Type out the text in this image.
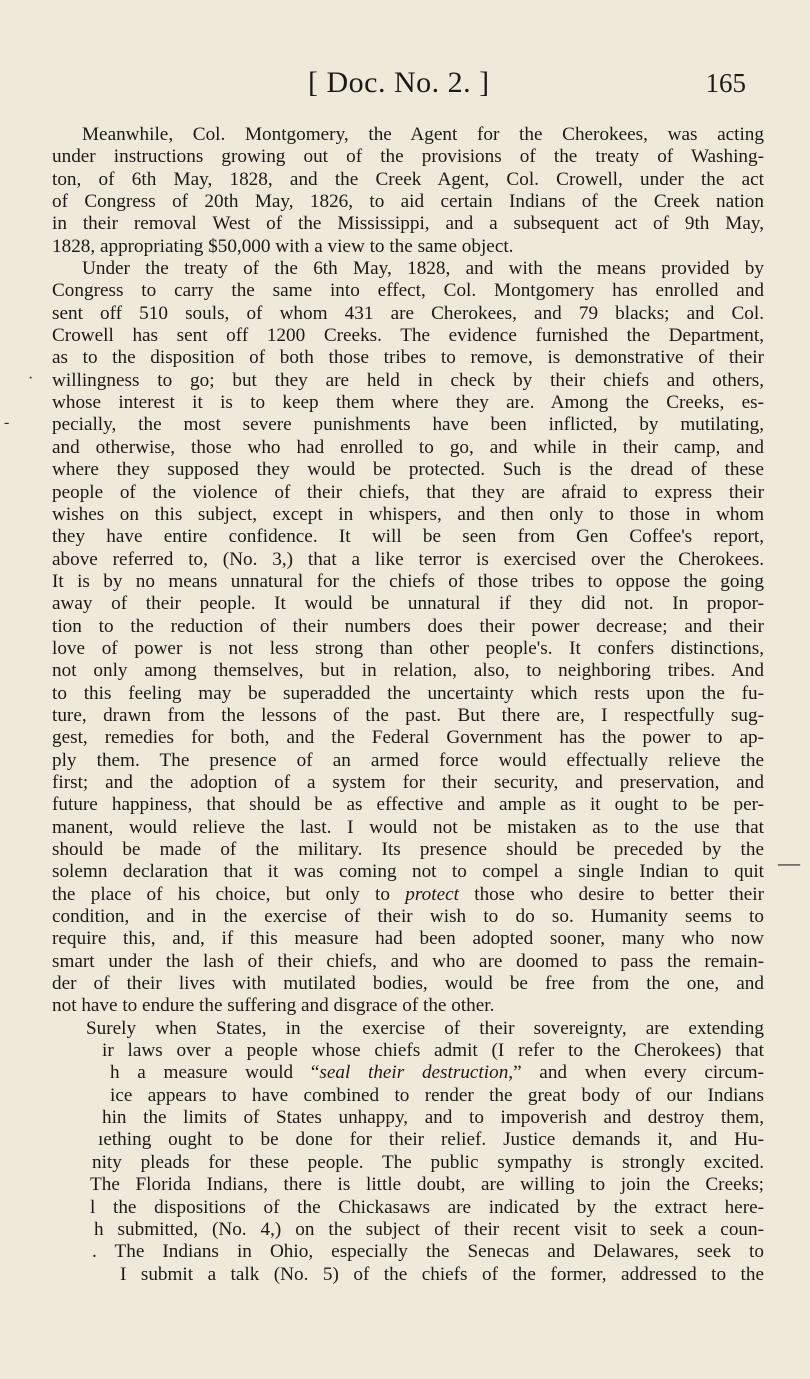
[ Doc. No. 2. ]	165
Meanwhile, Col. Montgomery, the Agent for the Cherokees, was acting
under instructions growing out of the provisions of the treaty of Washing-
ton, of 6th May, 1828, and the Creek Agent, Col. Crowell, under the act
of Congress of 20th May, 1826, to aid certain Indians of the Creek nation
in their removal West of the Mississippi, and a subsequent act of 9th May,
1828, appropriating $50,000 with a view to the same object.
Under the treaty of the 6th May, 1828, and with the means provided by
Congress to carry the same into effect, Col. Montgomery has enrolled and
sent off 510 souls, of whom 431 are Cherokees, and 79 blacks; and Col.
Crowell has sent off 1200 Creeks. The evidence furnished the Department,
as to the disposition of both those tribes to remove, is demonstrative of their
willingness to go; but they are held in check by their chiefs and others,
whose interest it is to keep them where they are. Among the Creeks, es-
pecially, the most severe punishments have been inflicted, by mutilating,
and otherwise, those who had enrolled to go, and while in their camp, and
where they supposed they would be protected. Such is the dread of these
people of the violence of their chiefs, that they are afraid to express their
wishes on this subject, except in whispers, and then only to those in whom
they have entire confidence. It will be seen from Gen Coffee's report,
above referred to, (No. 3,) that a like terror is exercised over the Cherokees.
It is by no means unnatural for the chiefs of those tribes to oppose the going
away of their people. It would be unnatural if they did not. In propor-
tion to the reduction of their numbers does their power decrease; and their
love of power is not less strong than other people's. It confers distinctions,
not only among themselves, but in relation, also, to neighboring tribes. And
to this feeling may be superadded the uncertainty which rests upon the fu-
ture, drawn from the lessons of the past. But there are, I respectfully sug-
gest, remedies for both, and the Federal Government has the power to ap-
ply them. The presence of an armed force would effectually relieve the
first; and the adoption of a system for their security, and preservation, and
future happiness, that should be as effective and ample as it ought to be per-
manent, would relieve the last. I would not be mistaken as to the use that
should be made of the military. Its presence should be preceded by the
solemn declaration that it was coming not to compel a single Indian to quit
the place of his choice, but only to protect those who desire to better their
condition, and in the exercise of their wish to do so. Humanity seems to
require this, and, if this measure had been adopted sooner, many who now
smart under the lash of their chiefs, and who are doomed to pass the remain-
der of their lives with mutilated bodies, would be free from the one, and
not have to endure the suffering and disgrace of the other.
Surely when States, in the exercise of their sovereignty, are extending
ir laws over a people whose chiefs admit (I refer to the Cherokees) that
h a measure would “seal their destruction,” and when every circum-
ice appears to have combined to render the great body of our Indians
hin the limits of States unhappy, and to impoverish and destroy them,
ıething ought to be done for their relief. Justice demands it, and Hu-
nity pleads for these people. The public sympathy is strongly excited.
The Florida Indians, there is little doubt, are willing to join the Creeks;
l the dispositions of the Chickasaws are indicated by the extract here-
h submitted, (No. 4,) on the subject of their recent visit to seek a coun-
. The Indians in Ohio, especially the Senecas and Delawares, seek to
I submit a talk (No. 5) of the chiefs of the former, addressed to the
-
—
·
